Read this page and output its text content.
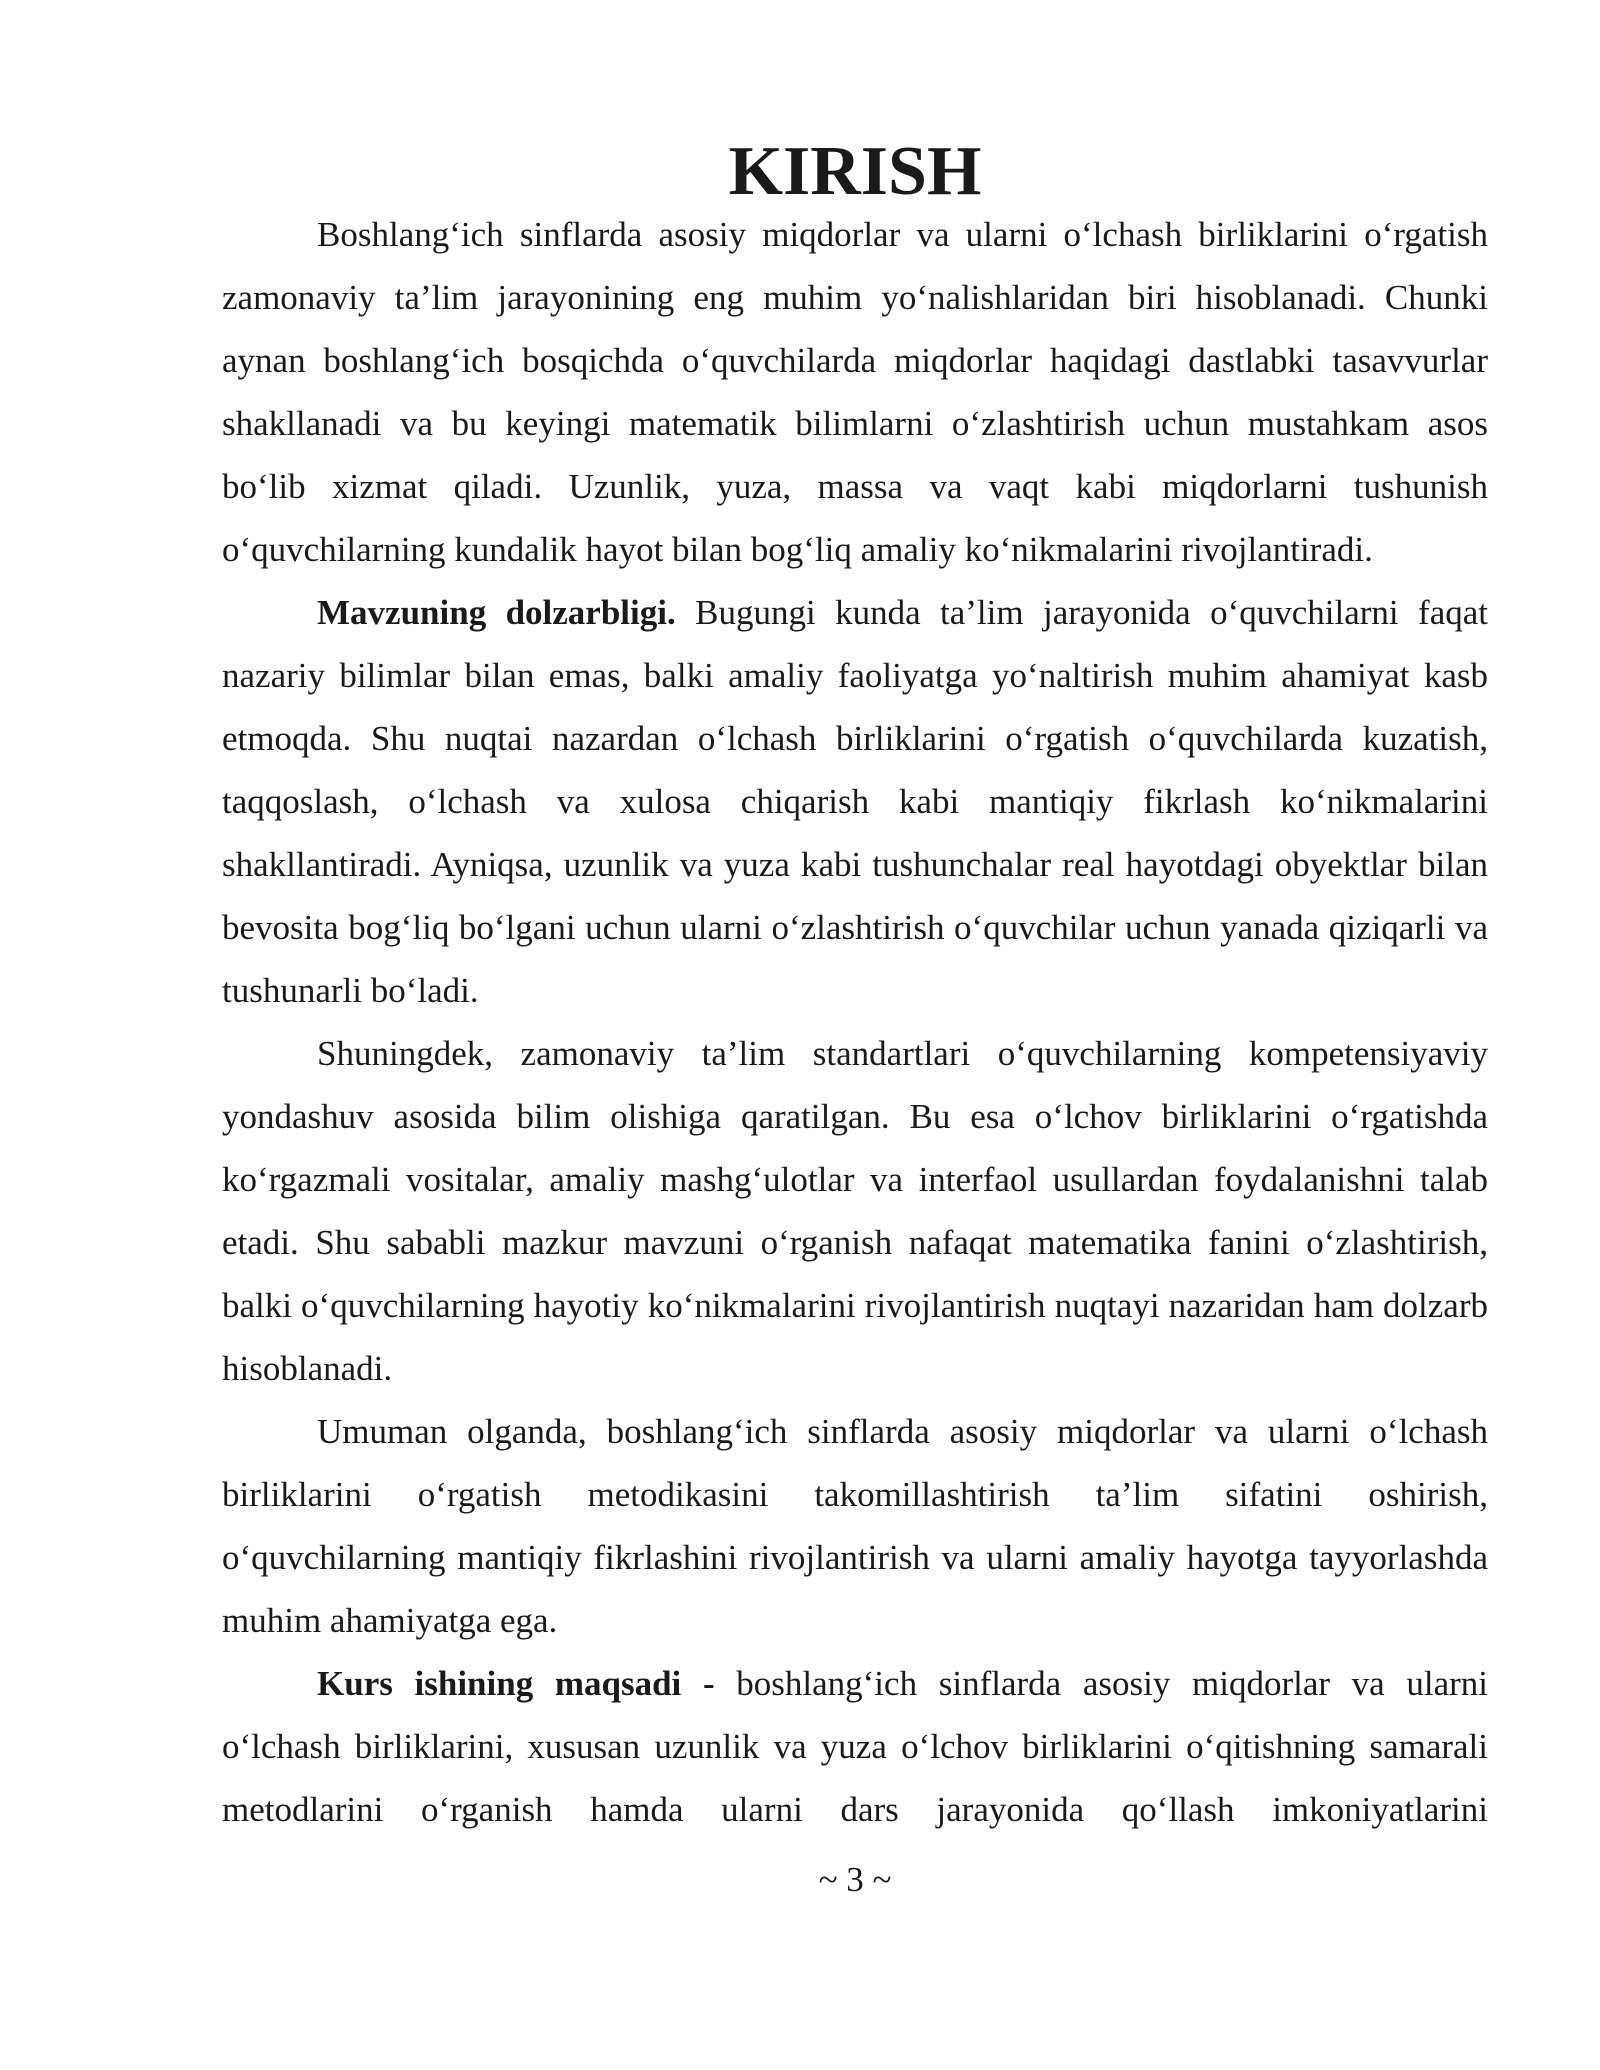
KIRISH

Boshlang‘ich sinflarda asosiy miqdorlar va ularni o‘lchash birliklarini o‘rgatish zamonaviy ta’lim jarayonining eng muhim yo‘nalishlaridan biri hisoblanadi. Chunki aynan boshlang‘ich bosqichda o‘quvchilarda miqdorlar haqidagi dastlabki tasavvurlar shakllanadi va bu keyingi matematik bilimlarni o‘zlashtirish uchun mustahkam asos bo‘lib xizmat qiladi. Uzunlik, yuza, massa va vaqt kabi miqdorlarni tushunish o‘quvchilarning kundalik hayot bilan bog‘liq amaliy ko‘nikmalarini rivojlantiradi.

Mavzuning dolzarbligi. Bugungi kunda ta’lim jarayonida o‘quvchilarni faqat nazariy bilimlar bilan emas, balki amaliy faoliyatga yo‘naltirish muhim ahamiyat kasb etmoqda. Shu nuqtai nazardan o‘lchash birliklarini o‘rgatish o‘quvchilarda kuzatish, taqqoslash, o‘lchash va xulosa chiqarish kabi mantiqiy fikrlash ko‘nikmalarini shakllantiradi. Ayniqsa, uzunlik va yuza kabi tushunchalar real hayotdagi obyektlar bilan bevosita bog‘liq bo‘lgani uchun ularni o‘zlashtirish o‘quvchilar uchun yanada qiziqarli va tushunarli bo‘ladi.

Shuningdek, zamonaviy ta’lim standartlari o‘quvchilarning kompetensiyaviy yondashuv asosida bilim olishiga qaratilgan. Bu esa o‘lchov birliklarini o‘rgatishda ko‘rgazmali vositalar, amaliy mashg‘ulotlar va interfaol usullardan foydalanishni talab etadi. Shu sababli mazkur mavzuni o‘rganish nafaqat matematika fanini o‘zlashtirish, balki o‘quvchilarning hayotiy ko‘nikmalarini rivojlantirish nuqtayi nazaridan ham dolzarb hisoblanadi.

Umuman olganda, boshlang‘ich sinflarda asosiy miqdorlar va ularni o‘lchash birliklarini o‘rgatish metodikasini takomillashtirish ta’lim sifatini oshirish, o‘quvchilarning mantiqiy fikrlashini rivojlantirish va ularni amaliy hayotga tayyorlashda muhim ahamiyatga ega.

Kurs ishining maqsadi - boshlang‘ich sinflarda asosiy miqdorlar va ularni o‘lchash birliklarini, xususan uzunlik va yuza o‘lchov birliklarini o‘qitishning samarali metodlarini o‘rganish hamda ularni dars jarayonida qo‘llash imkoniyatlarini

~ 3 ~
